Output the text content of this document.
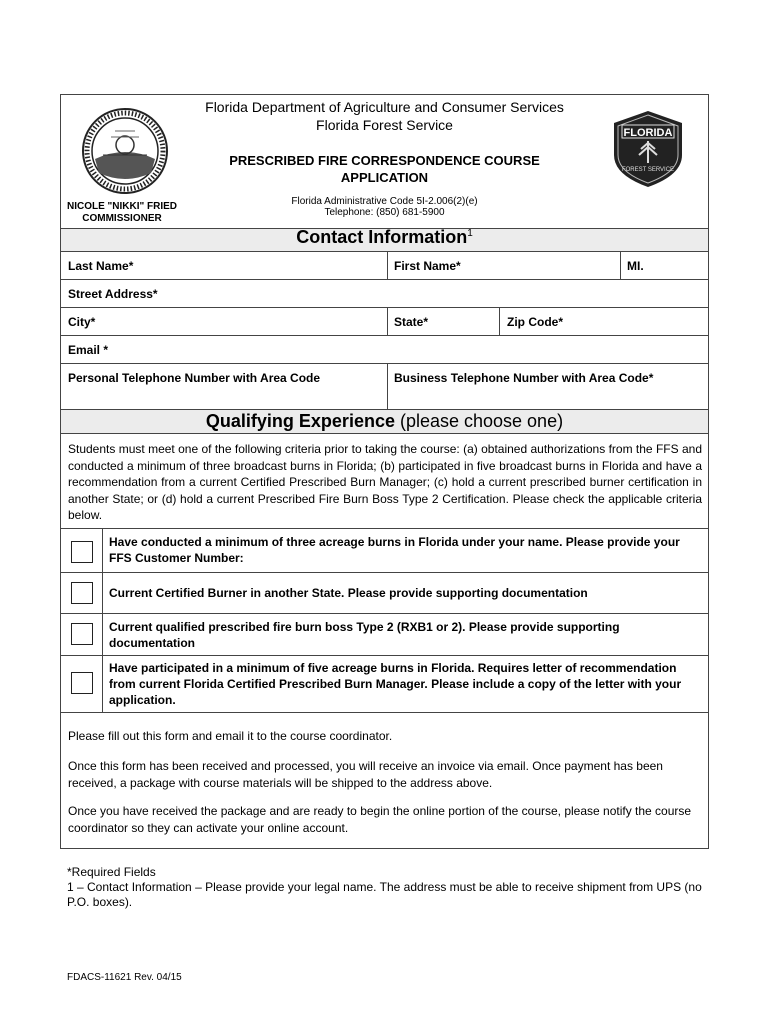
Florida Department of Agriculture and Consumer Services
Florida Forest Service
PRESCRIBED FIRE CORRESPONDENCE COURSE
APPLICATION
Florida Administrative Code 5I-2.006(2)(e)
Telephone: (850) 681-5900
NICOLE "NIKKI" FRIED
COMMISSIONER
FLORIDA
FOREST SERVICE
Contact Information$^1$
Last Name*	First Name*	MI.
Street Address*
City*	State*	Zip Code*
Email *
Personal Telephone Number with Area Code	Business Telephone Number with Area Code*
Qualifying Experience (please choose one)
Students must meet one of the following criteria prior to taking the course: (a) obtained authorizations from the FFS and conducted a minimum of three broadcast burns in Florida; (b) participated in five broadcast burns in Florida and have a recommendation from a current Certified Prescribed Burn Manager; (c) hold a current prescribed burner certification in another State; or (d) hold a current Prescribed Fire Burn Boss Type 2 Certification. Please check the applicable criteria below.
Have conducted a minimum of three acreage burns in Florida under your name. Please provide your FFS Customer Number:
Current Certified Burner in another State. Please provide supporting documentation
Current qualified prescribed fire burn boss Type 2 (RXB1 or 2). Please provide supporting documentation
Have participated in a minimum of five acreage burns in Florida. Requires letter of recommendation from current Florida Certified Prescribed Burn Manager. Please include a copy of the letter with your application.
Please fill out this form and email it to the course coordinator.
Once this form has been received and processed, you will receive an invoice via email. Once payment has been received, a package with course materials will be shipped to the address above.
Once you have received the package and are ready to begin the online portion of the course, please notify the course coordinator so they can activate your online account.
*Required Fields
1 – Contact Information – Please provide your legal name. The address must be able to receive shipment from UPS (no P.O. boxes).
FDACS-11621 Rev. 04/15
